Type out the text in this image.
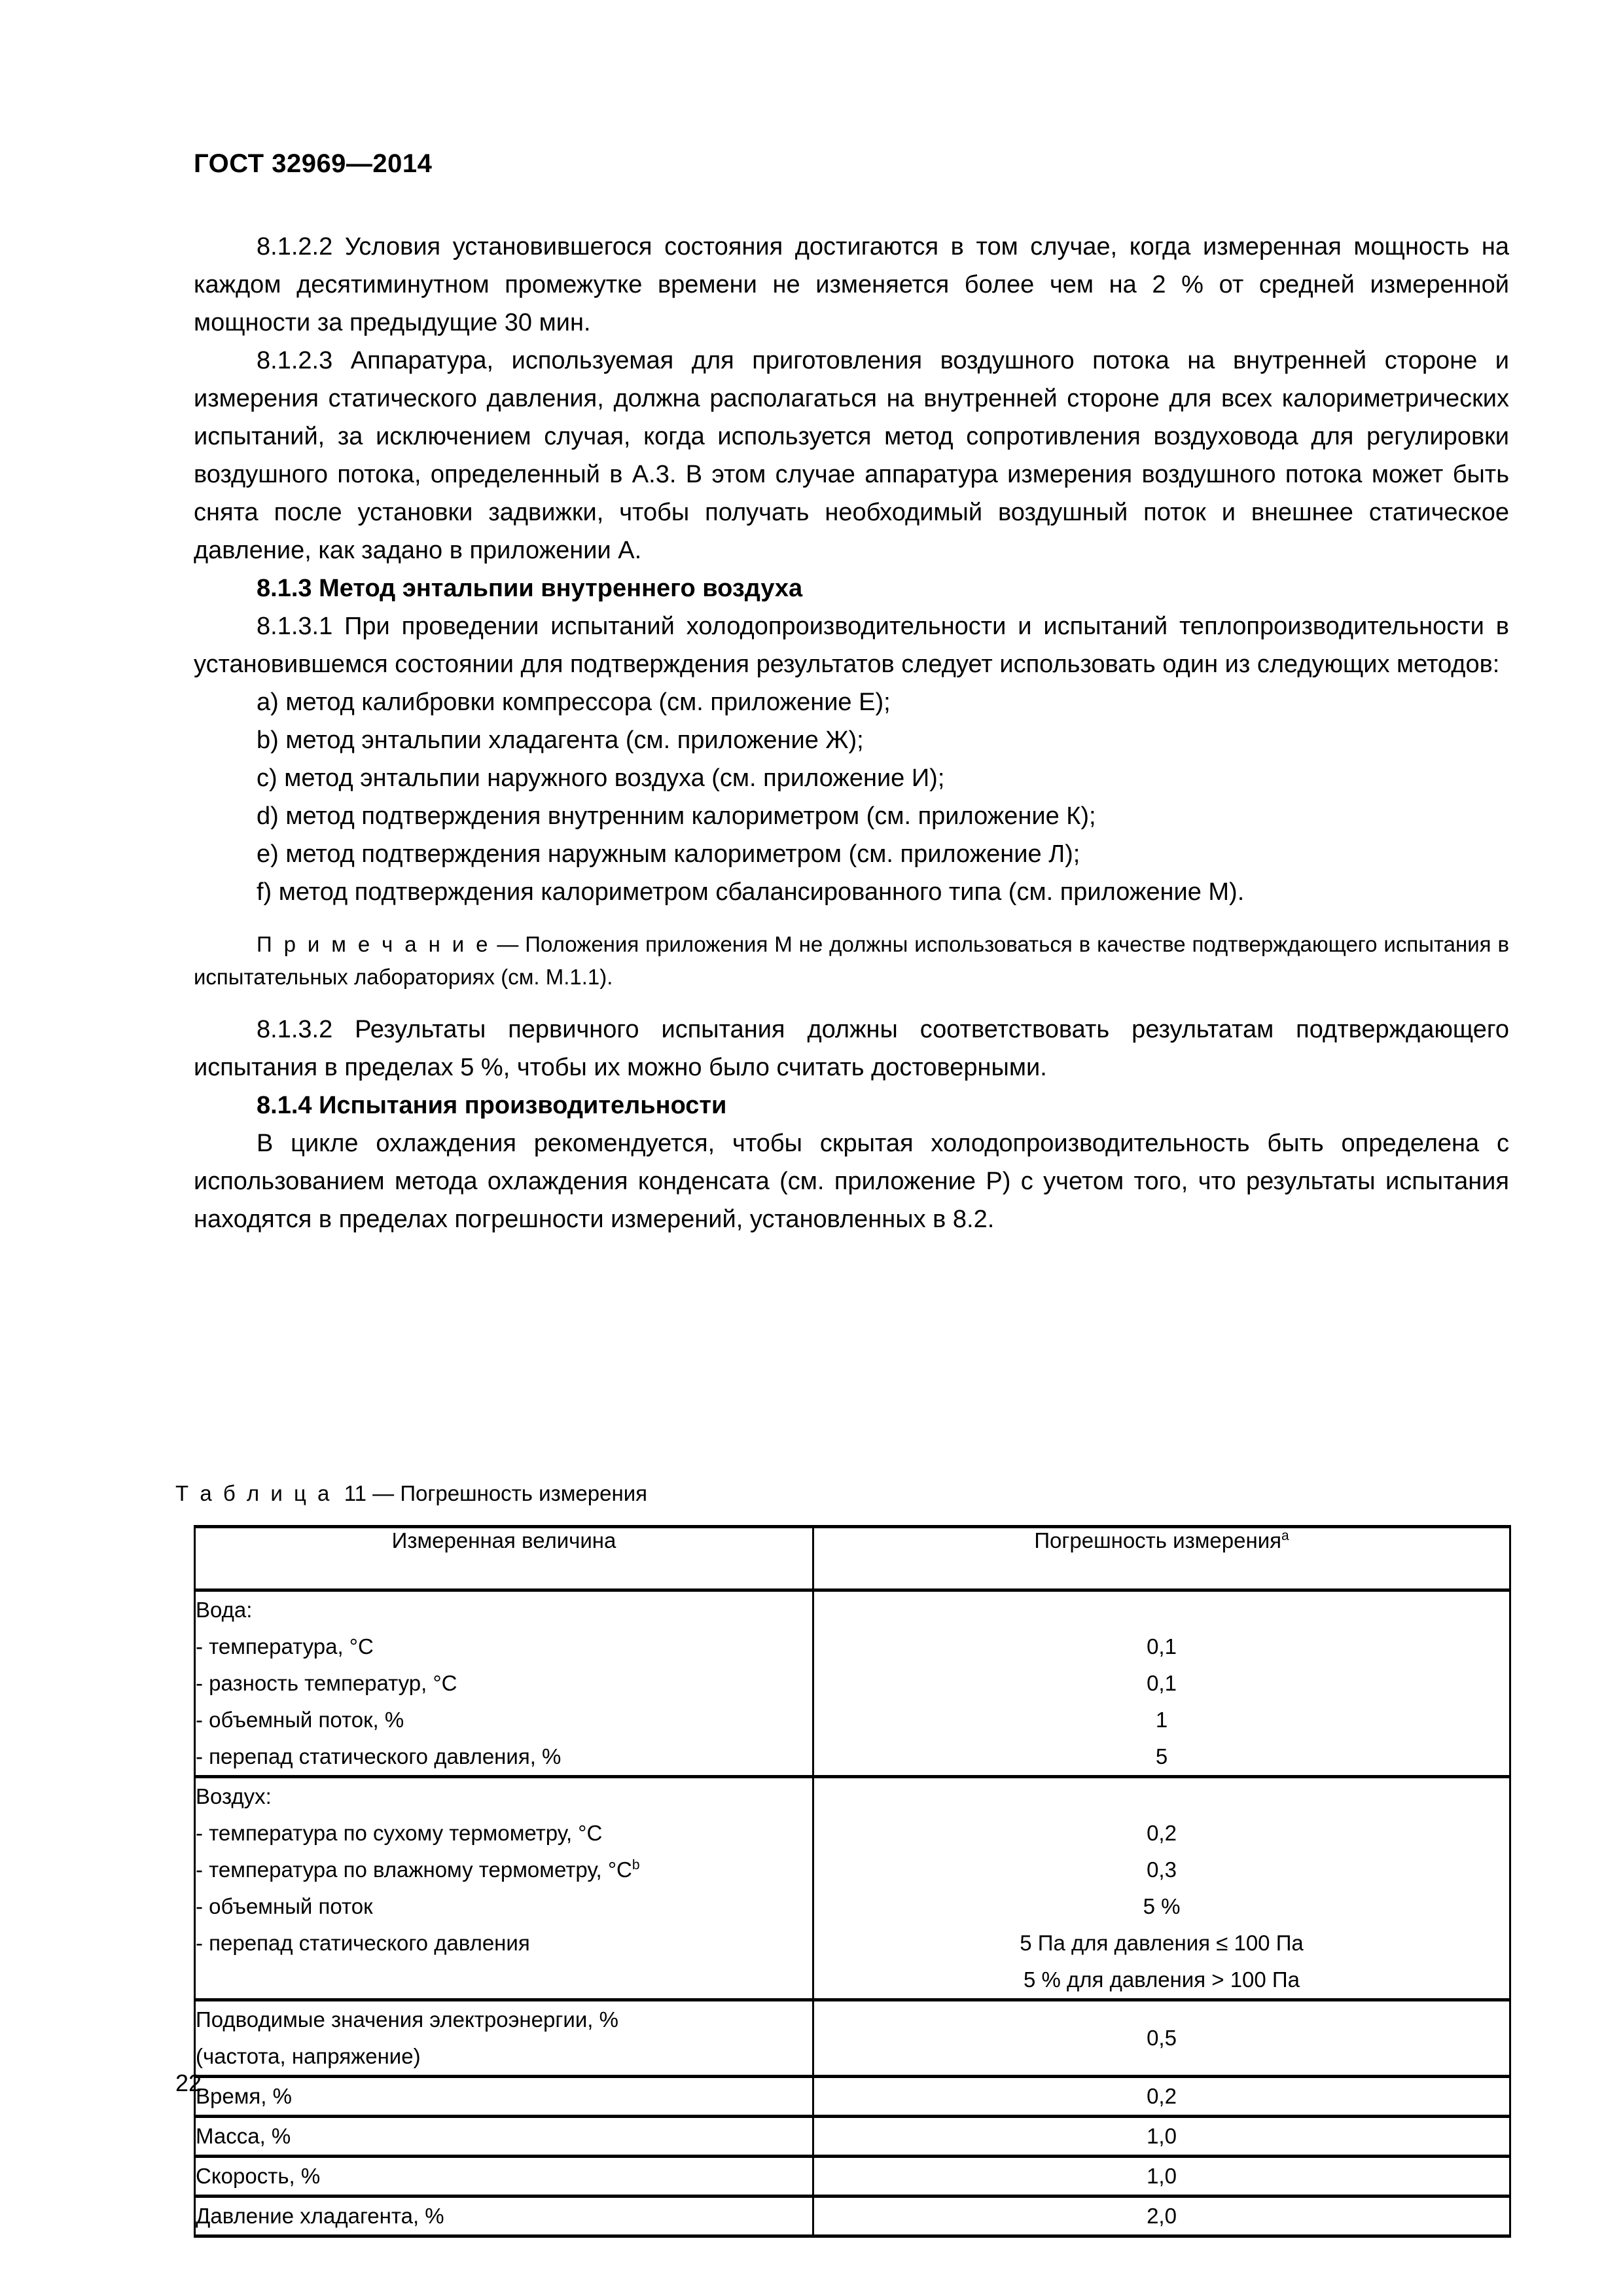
ГОСТ 32969—2014

8.1.2.2 Условия установившегося состояния достигаются в том случае, когда измеренная мощность на каждом десятиминутном промежутке времени не изменяется более чем на 2 % от средней измеренной мощности за предыдущие 30 мин.

8.1.2.3 Аппаратура, используемая для приготовления воздушного потока на внутренней стороне и измерения статического давления, должна располагаться на внутренней стороне для всех калориметрических испытаний, за исключением случая, когда используется метод сопротивления воздуховода для регулировки воздушного потока, определенный в А.3. В этом случае аппаратура измерения воздушного потока может быть снята после установки задвижки, чтобы получать необходимый воздушный поток и внешнее статическое давление, как задано в приложении А.

8.1.3 Метод энтальпии внутреннего воздуха

8.1.3.1 При проведении испытаний холодопроизводительности и испытаний теплопроизводительности в установившемся состоянии для подтверждения результатов следует использовать один из следующих методов:

a) метод калибровки компрессора (см. приложение Е);

b) метод энтальпии хладагента (см. приложение Ж);

c) метод энтальпии наружного воздуха (см. приложение И);

d) метод подтверждения внутренним калориметром (см. приложение К);

e) метод подтверждения наружным калориметром (см. приложение Л);

f) метод подтверждения калориметром сбалансированного типа (см. приложение М).

П р и м е ч а н и е — Положения приложения М не должны использоваться в качестве подтверждающего испытания в испытательных лабораториях (см. М.1.1).

8.1.3.2 Результаты первичного испытания должны соответствовать результатам подтверждающего испытания в пределах 5 %, чтобы их можно было считать достоверными.

8.1.4 Испытания производительности

В цикле охлаждения рекомендуется, чтобы скрытая холодопроизводительность быть определена с использованием метода охлаждения конденсата (см. приложение Р) с учетом того, что результаты испытания находятся в пределах погрешности измерений, установленных в 8.2.

Т а б л и ц а 11 — Погрешность измерения
Измеренная величина	Погрешность измерения$^a$
Вода:	
- температура, °C	0,1
- разность температур, °C	0,1
- объемный поток, %	1
- перепад статического давления, %	5
Воздух:	
- температура по сухому термометру, °C	0,2
- температура по влажному термометру, °C$^b$	0,3
- объемный поток	5 %
- перепад статического давления	5 Па для давления ≤ 100 Па
	5 % для давления > 100 Па

Подводимые значения электроэнергии, %
(частота, напряжение)	0,5

Время, %	0,2
Масса, %	1,0
Скорость, %	1,0
Давление хладагента, %	2,0
22
